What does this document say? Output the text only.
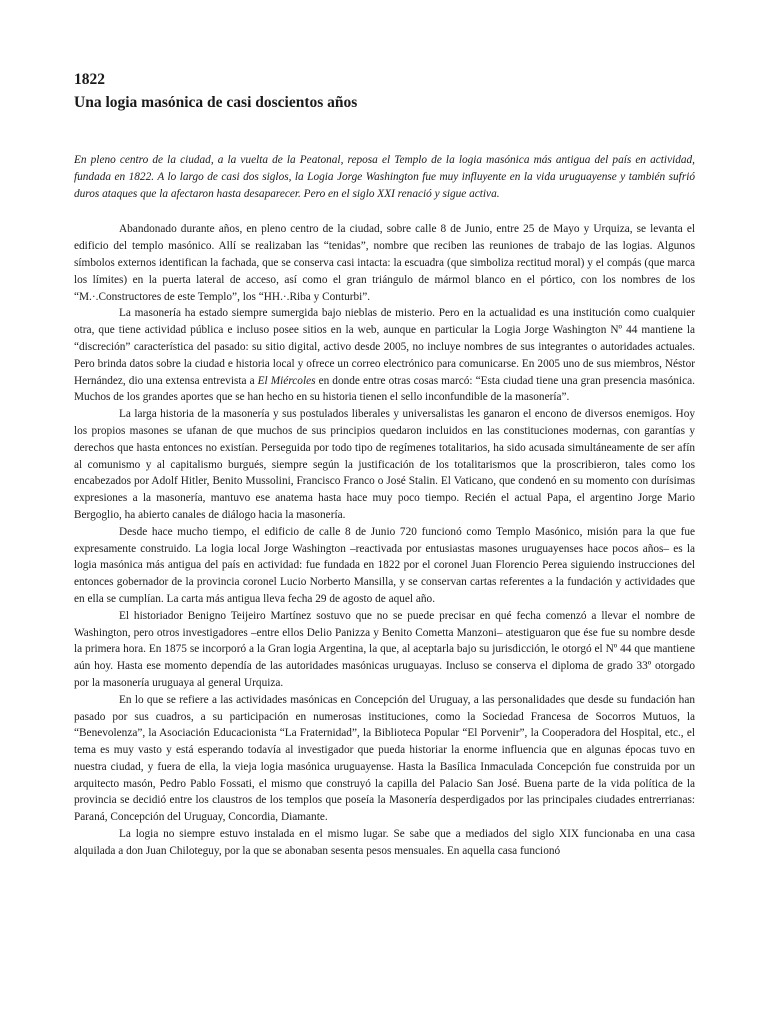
1822
Una logia masónica de casi doscientos años

En pleno centro de la ciudad, a la vuelta de la Peatonal, reposa el Templo de la logia masónica más antigua del país en actividad, fundada en 1822. A lo largo de casi dos siglos, la Logia Jorge Washington fue muy influyente en la vida uruguayense y también sufrió duros ataques que la afectaron hasta desaparecer. Pero en el siglo XXI renació y sigue activa.

Abandonado durante años, en pleno centro de la ciudad, sobre calle 8 de Junio, entre 25 de Mayo y Urquiza, se levanta el edificio del templo masónico. Allí se realizaban las “tenidas”, nombre que reciben las reuniones de trabajo de las logias. Algunos símbolos externos identifican la fachada, que se conserva casi intacta: la escuadra (que simboliza rectitud moral) y el compás (que marca los límites) en la puerta lateral de acceso, así como el gran triángulo de mármol blanco en el pórtico, con los nombres de los “M.·.Constructores de este Templo”, los “HH.·.Riba y Conturbi”.

La masonería ha estado siempre sumergida bajo nieblas de misterio. Pero en la actualidad es una institución como cualquier otra, que tiene actividad pública e incluso posee sitios en la web, aunque en particular la Logia Jorge Washington Nº 44 mantiene la “discreción” característica del pasado: su sitio digital, activo desde 2005, no incluye nombres de sus integrantes o autoridades actuales. Pero brinda datos sobre la ciudad e historia local y ofrece un correo electrónico para comunicarse. En 2005 uno de sus miembros, Néstor Hernández, dio una extensa entrevista a El Miércoles en donde entre otras cosas marcó: “Esta ciudad tiene una gran presencia masónica. Muchos de los grandes aportes que se han hecho en su historia tienen el sello inconfundible de la masonería”.

La larga historia de la masonería y sus postulados liberales y universalistas les ganaron el encono de diversos enemigos. Hoy los propios masones se ufanan de que muchos de sus principios quedaron incluidos en las constituciones modernas, con garantías y derechos que hasta entonces no existían. Perseguida por todo tipo de regímenes totalitarios, ha sido acusada simultáneamente de ser afín al comunismo y al capitalismo burgués, siempre según la justificación de los totalitarismos que la proscribieron, tales como los encabezados por Adolf Hitler, Benito Mussolini, Francisco Franco o José Stalin. El Vaticano, que condenó en su momento con durísimas expresiones a la masonería, mantuvo ese anatema hasta hace muy poco tiempo. Recién el actual Papa, el argentino Jorge Mario Bergoglio, ha abierto canales de diálogo hacia la masonería.

Desde hace mucho tiempo, el edificio de calle 8 de Junio 720 funcionó como Templo Masónico, misión para la que fue expresamente construido. La logia local Jorge Washington –reactivada por entusiastas masones uruguayenses hace pocos años– es la logia masónica más antigua del país en actividad: fue fundada en 1822 por el coronel Juan Florencio Perea siguiendo instrucciones del entonces gobernador de la provincia coronel Lucio Norberto Mansilla, y se conservan cartas referentes a la fundación y actividades que en ella se cumplían. La carta más antigua lleva fecha 29 de agosto de aquel año.

El historiador Benigno Teijeiro Martínez sostuvo que no se puede precisar en qué fecha comenzó a llevar el nombre de Washington, pero otros investigadores –entre ellos Delio Panizza y Benito Cometta Manzoni– atestiguaron que ése fue su nombre desde la primera hora. En 1875 se incorporó a la Gran logia Argentina, la que, al aceptarla bajo su jurisdicción, le otorgó el Nº 44 que mantiene aún hoy. Hasta ese momento dependía de las autoridades masónicas uruguayas. Incluso se conserva el diploma de grado 33º otorgado por la masonería uruguaya al general Urquiza.

En lo que se refiere a las actividades masónicas en Concepción del Uruguay, a las personalidades que desde su fundación han pasado por sus cuadros, a su participación en numerosas instituciones, como la Sociedad Francesa de Socorros Mutuos, la “Benevolenza”, la Asociación Educacionista “La Fraternidad”, la Biblioteca Popular “El Porvenir”, la Cooperadora del Hospital, etc., el tema es muy vasto y está esperando todavía al investigador que pueda historiar la enorme influencia que en algunas épocas tuvo en nuestra ciudad, y fuera de ella, la vieja logia masónica uruguayense. Hasta la Basílica Inmaculada Concepción fue construida por un arquitecto masón, Pedro Pablo Fossati, el mismo que construyó la capilla del Palacio San José. Buena parte de la vida política de la provincia se decidió entre los claustros de los templos que poseía la Masonería desperdigados por las principales ciudades entrerrianas: Paraná, Concepción del Uruguay, Concordia, Diamante.

La logia no siempre estuvo instalada en el mismo lugar. Se sabe que a mediados del siglo XIX funcionaba en una casa alquilada a don Juan Chiloteguy, por la que se abonaban sesenta pesos mensuales. En aquella casa funcionó
